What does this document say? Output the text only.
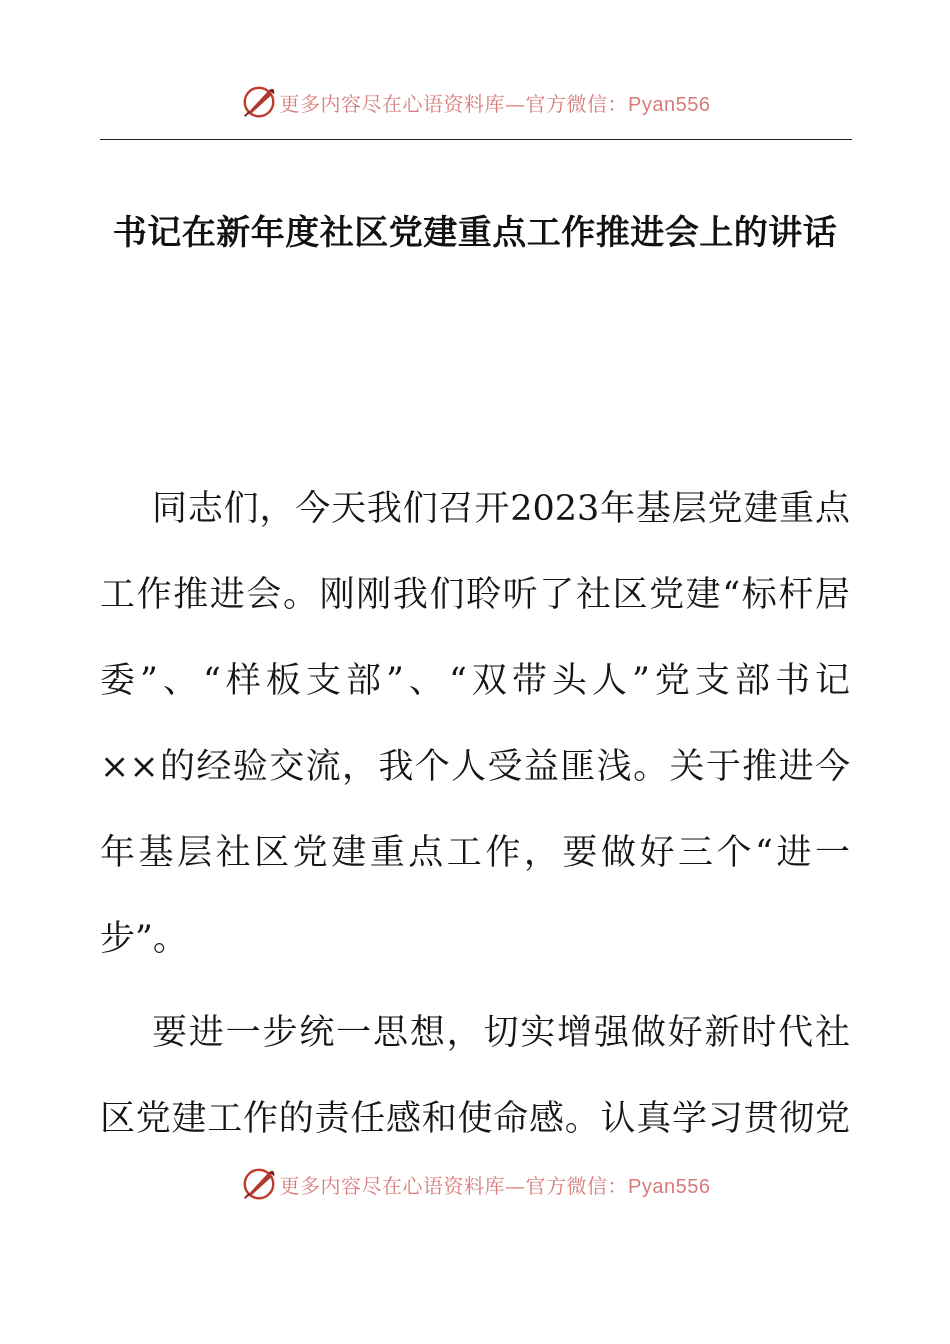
更多内容尽在心语资料库—官方微信：Pyan556
书记在新年度社区党建重点工作推进会上的讲话
同志们，今天我们召开2023年基层党建重点
工作推进会。刚刚我们聆听了社区党建“标杆居
委”、“样板支部”、“双带头人”党支部书记
××的经验交流，我个人受益匪浅。关于推进今
年基层社区党建重点工作，要做好三个“进一
步”。
要进一步统一思想，切实增强做好新时代社
区党建工作的责任感和使命感。认真学习贯彻党
更多内容尽在心语资料库—官方微信：Pyan556
